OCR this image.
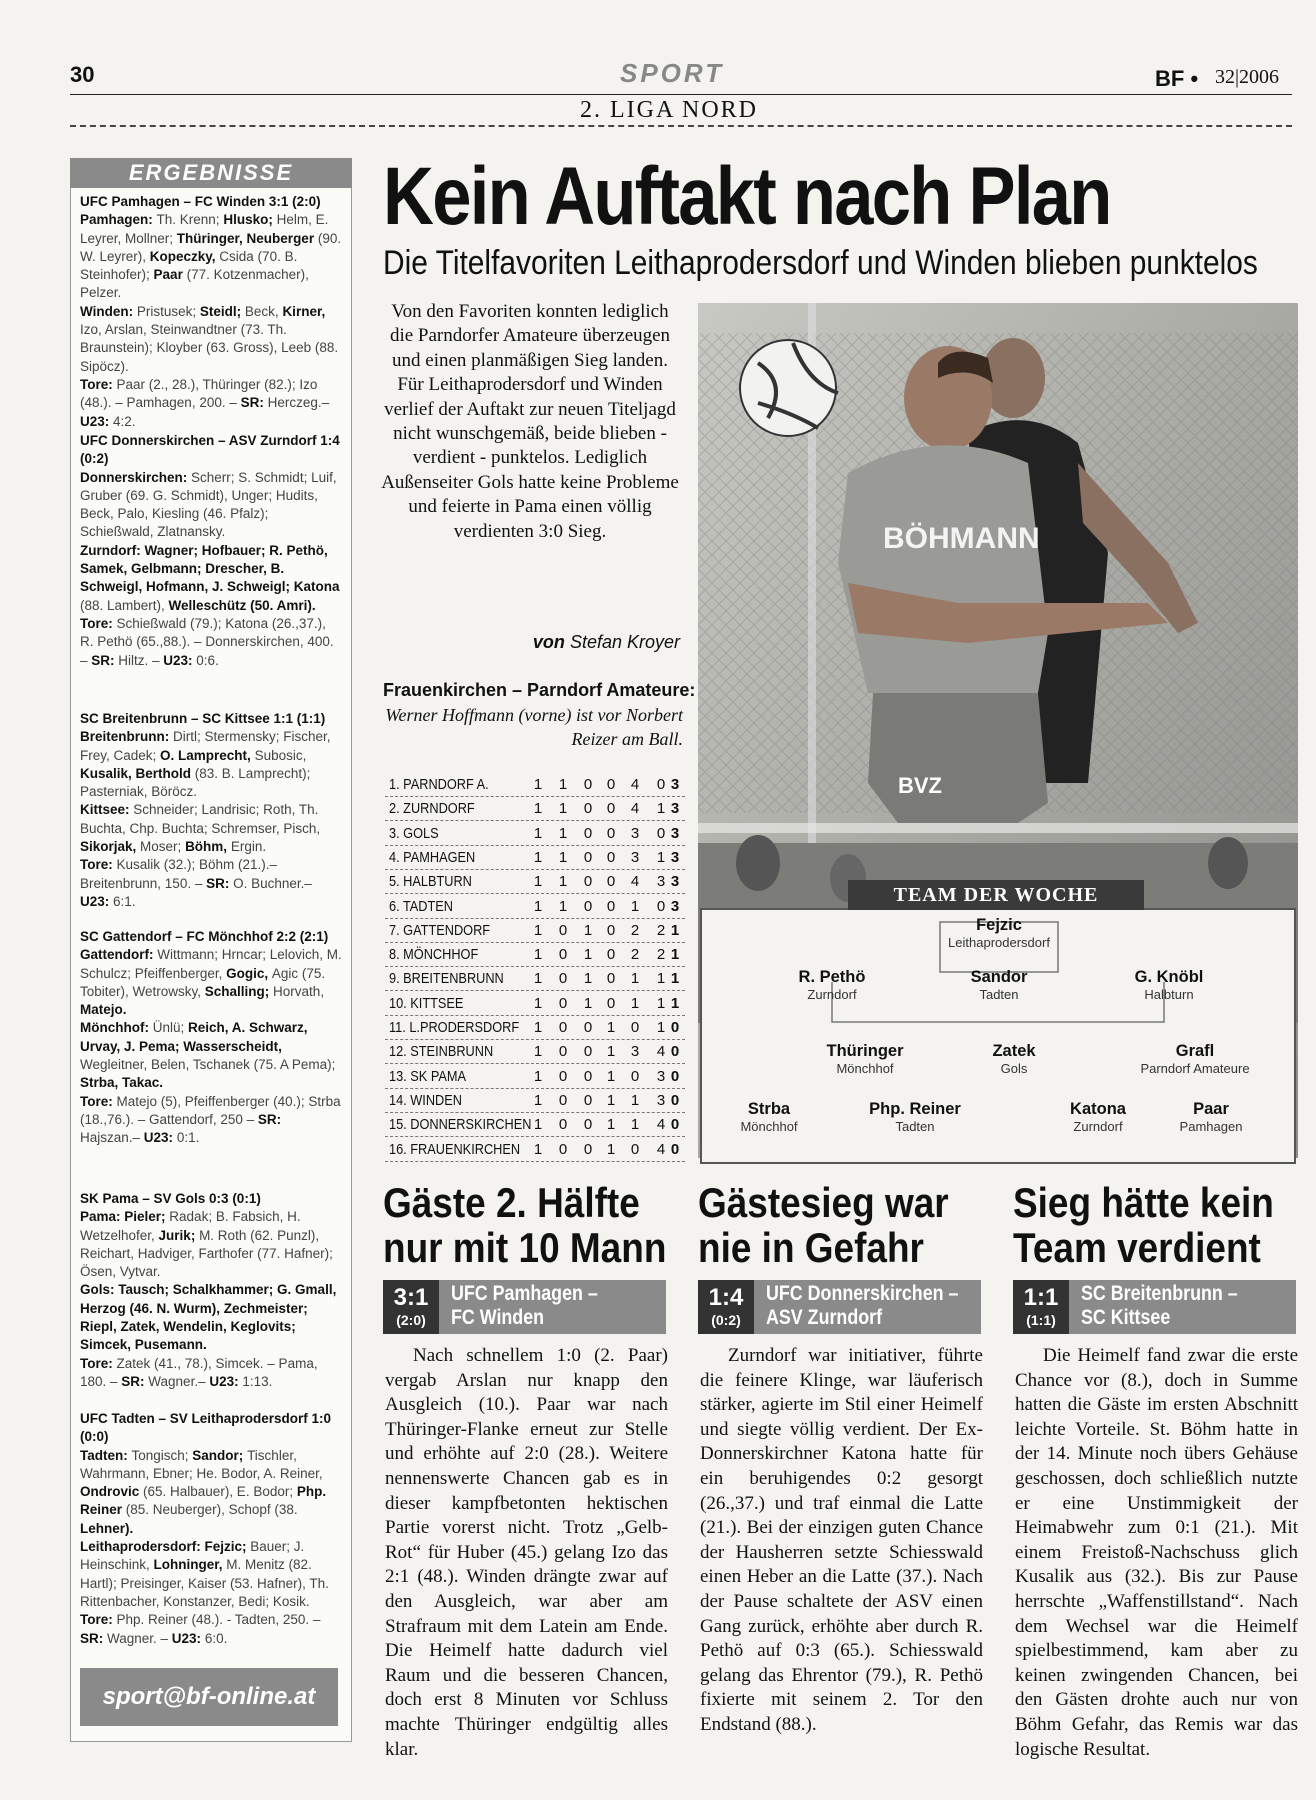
30	SPORT	BF • 32|2006
2. LIGA NORD
ERGEBNISSE

UFC Pamhagen – FC Winden 3:1 (2:0)

Pamhagen: Th. Krenn; Hlusko; Helm, E. Leyrer, Mollner; Thüringer, Neuberger (90. W. Leyrer), Kopeczky, Csida (70. B. Steinhofer); Paar (77. Kotzenmacher), Pelzer.

Winden: Pristusek; Steidl; Beck, Kirner, Izo, Arslan, Steinwandtner (73. Th. Braunstein); Kloyber (63. Gross), Leeb (88. Sipöcz).

Tore: Paar (2., 28.), Thüringer (82.); Izo (48.). – Pamhagen, 200. – SR: Herczeg.– U23: 4:2.

UFC Donnerskirchen – ASV Zurndorf 1:4 (0:2)

Donnerskirchen: Scherr; S. Schmidt; Luif, Gruber (69. G. Schmidt), Unger; Hudits, Beck, Palo, Kiesling (46. Pfalz); Schießwald, Zlatnansky.

Zurndorf: Wagner; Hofbauer; R. Pethö, Samek, Gelbmann; Drescher, B. Schweigl, Hofmann, J. Schweigl; Katona (88. Lambert), Welleschütz (50. Amri).

Tore: Schießwald (79.); Katona (26.,37.), R. Pethö (65.,88.). – Donnerskirchen, 400. – SR: Hiltz. – U23: 0:6.

SC Breitenbrunn – SC Kittsee 1:1 (1:1)

Breitenbrunn: Dirtl; Stermensky; Fischer, Frey, Cadek; O. Lamprecht, Subosic, Kusalik, Berthold (83. B. Lamprecht); Pasterniak, Böröcz.

Kittsee: Schneider; Landrisic; Roth, Th. Buchta, Chp. Buchta; Schremser, Pisch, Sikorjak, Moser; Böhm, Ergin.

Tore: Kusalik (32.); Böhm (21.).– Breitenbrunn, 150. – SR: O. Buchner.– U23: 6:1.

SC Gattendorf – FC Mönchhof 2:2 (2:1)

Gattendorf: Wittmann; Hrncar; Lelovich, M. Schulcz; Pfeiffenberger, Gogic, Agic (75. Tobiter), Wetrowsky, Schalling; Horvath, Matejo.

Mönchhof: Ünlü; Reich, A. Schwarz, Urvay, J. Pema; Wasserscheidt, Wegleitner, Belen, Tschanek (75. A Pema); Strba, Takac.

Tore: Matejo (5), Pfeiffenberger (40.); Strba (18.,76.). – Gattendorf, 250 – SR: Hajszan.– U23: 0:1.

SK Pama – SV Gols 0:3 (0:1)

Pama: Pieler; Radak; B. Fabsich, H. Wetzelhofer, Jurik; M. Roth (62. Punzl), Reichart, Hadviger, Farthofer (77. Hafner); Ösen, Vytvar.

Gols: Tausch; Schalkhammer; G. Gmall, Herzog (46. N. Wurm), Zechmeister; Riepl, Zatek, Wendelin, Keglovits; Simcek, Pusemann.

Tore: Zatek (41., 78.), Simcek. – Pama, 180. – SR: Wagner.– U23: 1:13.

UFC Tadten – SV Leithaprodersdorf 1:0 (0:0)

Tadten: Tongisch; Sandor; Tischler, Wahrmann, Ebner; He. Bodor, A. Reiner, Ondrovic (65. Halbauer), E. Bodor; Php. Reiner (85. Neuberger), Schopf (38. Lehner).

Leithaprodersdorf: Fejzic; Bauer; J. Heinschink, Lohninger, M. Menitz (82. Hartl); Preisinger, Kaiser (53. Hafner), Th. Rittenbacher, Konstanzer, Bedi; Kosik.

Tore: Php. Reiner (48.). - Tadten, 250. – SR: Wagner. – U23: 6:0.

sport@bf-online.at
Kein Auftakt nach Plan
Die Titelfavoriten Leithaprodersdorf und Winden blieben punktelos
Von den Favoriten konnten lediglich die Parndorfer Amateure überzeugen und einen planmäßigen Sieg landen. Für Leithaprodersdorf und Winden verlief der Auftakt zur neuen Titeljagd nicht wunschgemäß, beide blieben - verdient - punktelos. Lediglich Außenseiter Gols hatte keine Probleme und feierte in Pama einen völlig verdienten 3:0 Sieg.
von Stefan Kroyer
Frauenkirchen – Parndorf Amateure:
Werner Hoffmann (vorne) ist vor Norbert Reizer am Ball.
1. PARNDORF A.	1 1 0 0 4 0 3
2. ZURNDORF	1 1 0 0 4 1 3
3. GOLS	1 1 0 0 3 0 3
4. PAMHAGEN	1 1 0 0 3 1 3
5. HALBTURN	1 1 0 0 4 3 3
6. TADTEN	1 1 0 0 1 0 3
7. GATTENDORF	1 0 1 0 2 2 1
8. MÖNCHHOF	1 0 1 0 2 2 1
9. BREITENBRUNN 1 0 1 0 1 1 1
10. KITTSEE	1 0 1 0 1 1 1
11. L.PRODERSDORF 1 0 0 1 0 1 0
12. STEINBRUNN	1 0 0 1 3 4 0
13. SK PAMA	1 0 0 1 0 3 0
14. WINDEN	1 0 0 1 1 3 0
15. DONNERSKIRCHEN 1 0 0 1 1 4 0
16. FRAUENKIRCHEN 1 0 0 1 0 4 0
BÖHMANN
BVZ
Fejzic
Leithaprodersdorf
R. Pethö
Zurndorf
Sandor
Tadten
G. Knöbl
Halbturn
Thüringer
Mönchhof
Zatek
Gols
Grafl
Parndorf Amateure
Strba
Mönchhof
Php. Reiner
Tadten
Katona
Zurndorf
Paar
Pamhagen
TEAM DER WOCHE
Gäste 2. Hälfte
nur mit 10 Mann
3:1
(2:0)
UFC Pamhagen –
FC Winden
Nach schnellem 1:0 (2. Paar) vergab Arslan nur knapp den Ausgleich (10.). Paar war nach Thüringer-Flanke erneut zur Stelle und erhöhte auf 2:0 (28.). Weitere nennenswerte Chancen gab es in dieser kampfbetonten hektischen Partie vorerst nicht. Trotz „Gelb-Rot“ für Huber (45.) gelang Izo das 2:1 (48.). Winden drängte zwar auf den Ausgleich, war aber am Strafraum mit dem Latein am Ende. Die Heimelf hatte dadurch viel Raum und die besseren Chancen, doch erst 8 Minuten vor Schluss machte Thüringer endgültig alles klar.
Gästesieg war
nie in Gefahr
1:4
(0:2)
UFC Donnerskirchen –
ASV Zurndorf
Zurndorf war initiativer, führte die feinere Klinge, war läuferisch stärker, agierte im Stil einer Heimelf und siegte völlig verdient. Der Ex-Donnerskirchner Katona hatte für ein beruhigendes 0:2 gesorgt (26.,37.) und traf einmal die Latte (21.). Bei der einzigen guten Chance der Hausherren setzte Schiesswald einen Heber an die Latte (37.). Nach der Pause schaltete der ASV einen Gang zurück, erhöhte aber durch R. Pethö auf 0:3 (65.). Schiesswald gelang das Ehrentor (79.), R. Pethö fixierte mit seinem 2. Tor den Endstand (88.).
Sieg hätte kein
Team verdient
1:1
(1:1)
SC Breitenbrunn –
SC Kittsee
Die Heimelf fand zwar die erste Chance vor (8.), doch in Summe hatten die Gäste im ersten Abschnitt leichte Vorteile. St. Böhm hatte in der 14. Minute noch übers Gehäuse geschossen, doch schließlich nutzte er eine Unstimmigkeit der Heimabwehr zum 0:1 (21.). Mit einem Freistoß-Nachschuss glich Kusalik aus (32.). Bis zur Pause herrschte „Waffenstillstand“. Nach dem Wechsel war die Heimelf spielbestimmend, kam aber zu keinen zwingenden Chancen, bei den Gästen drohte auch nur von Böhm Gefahr, das Remis war das logische Resultat.
